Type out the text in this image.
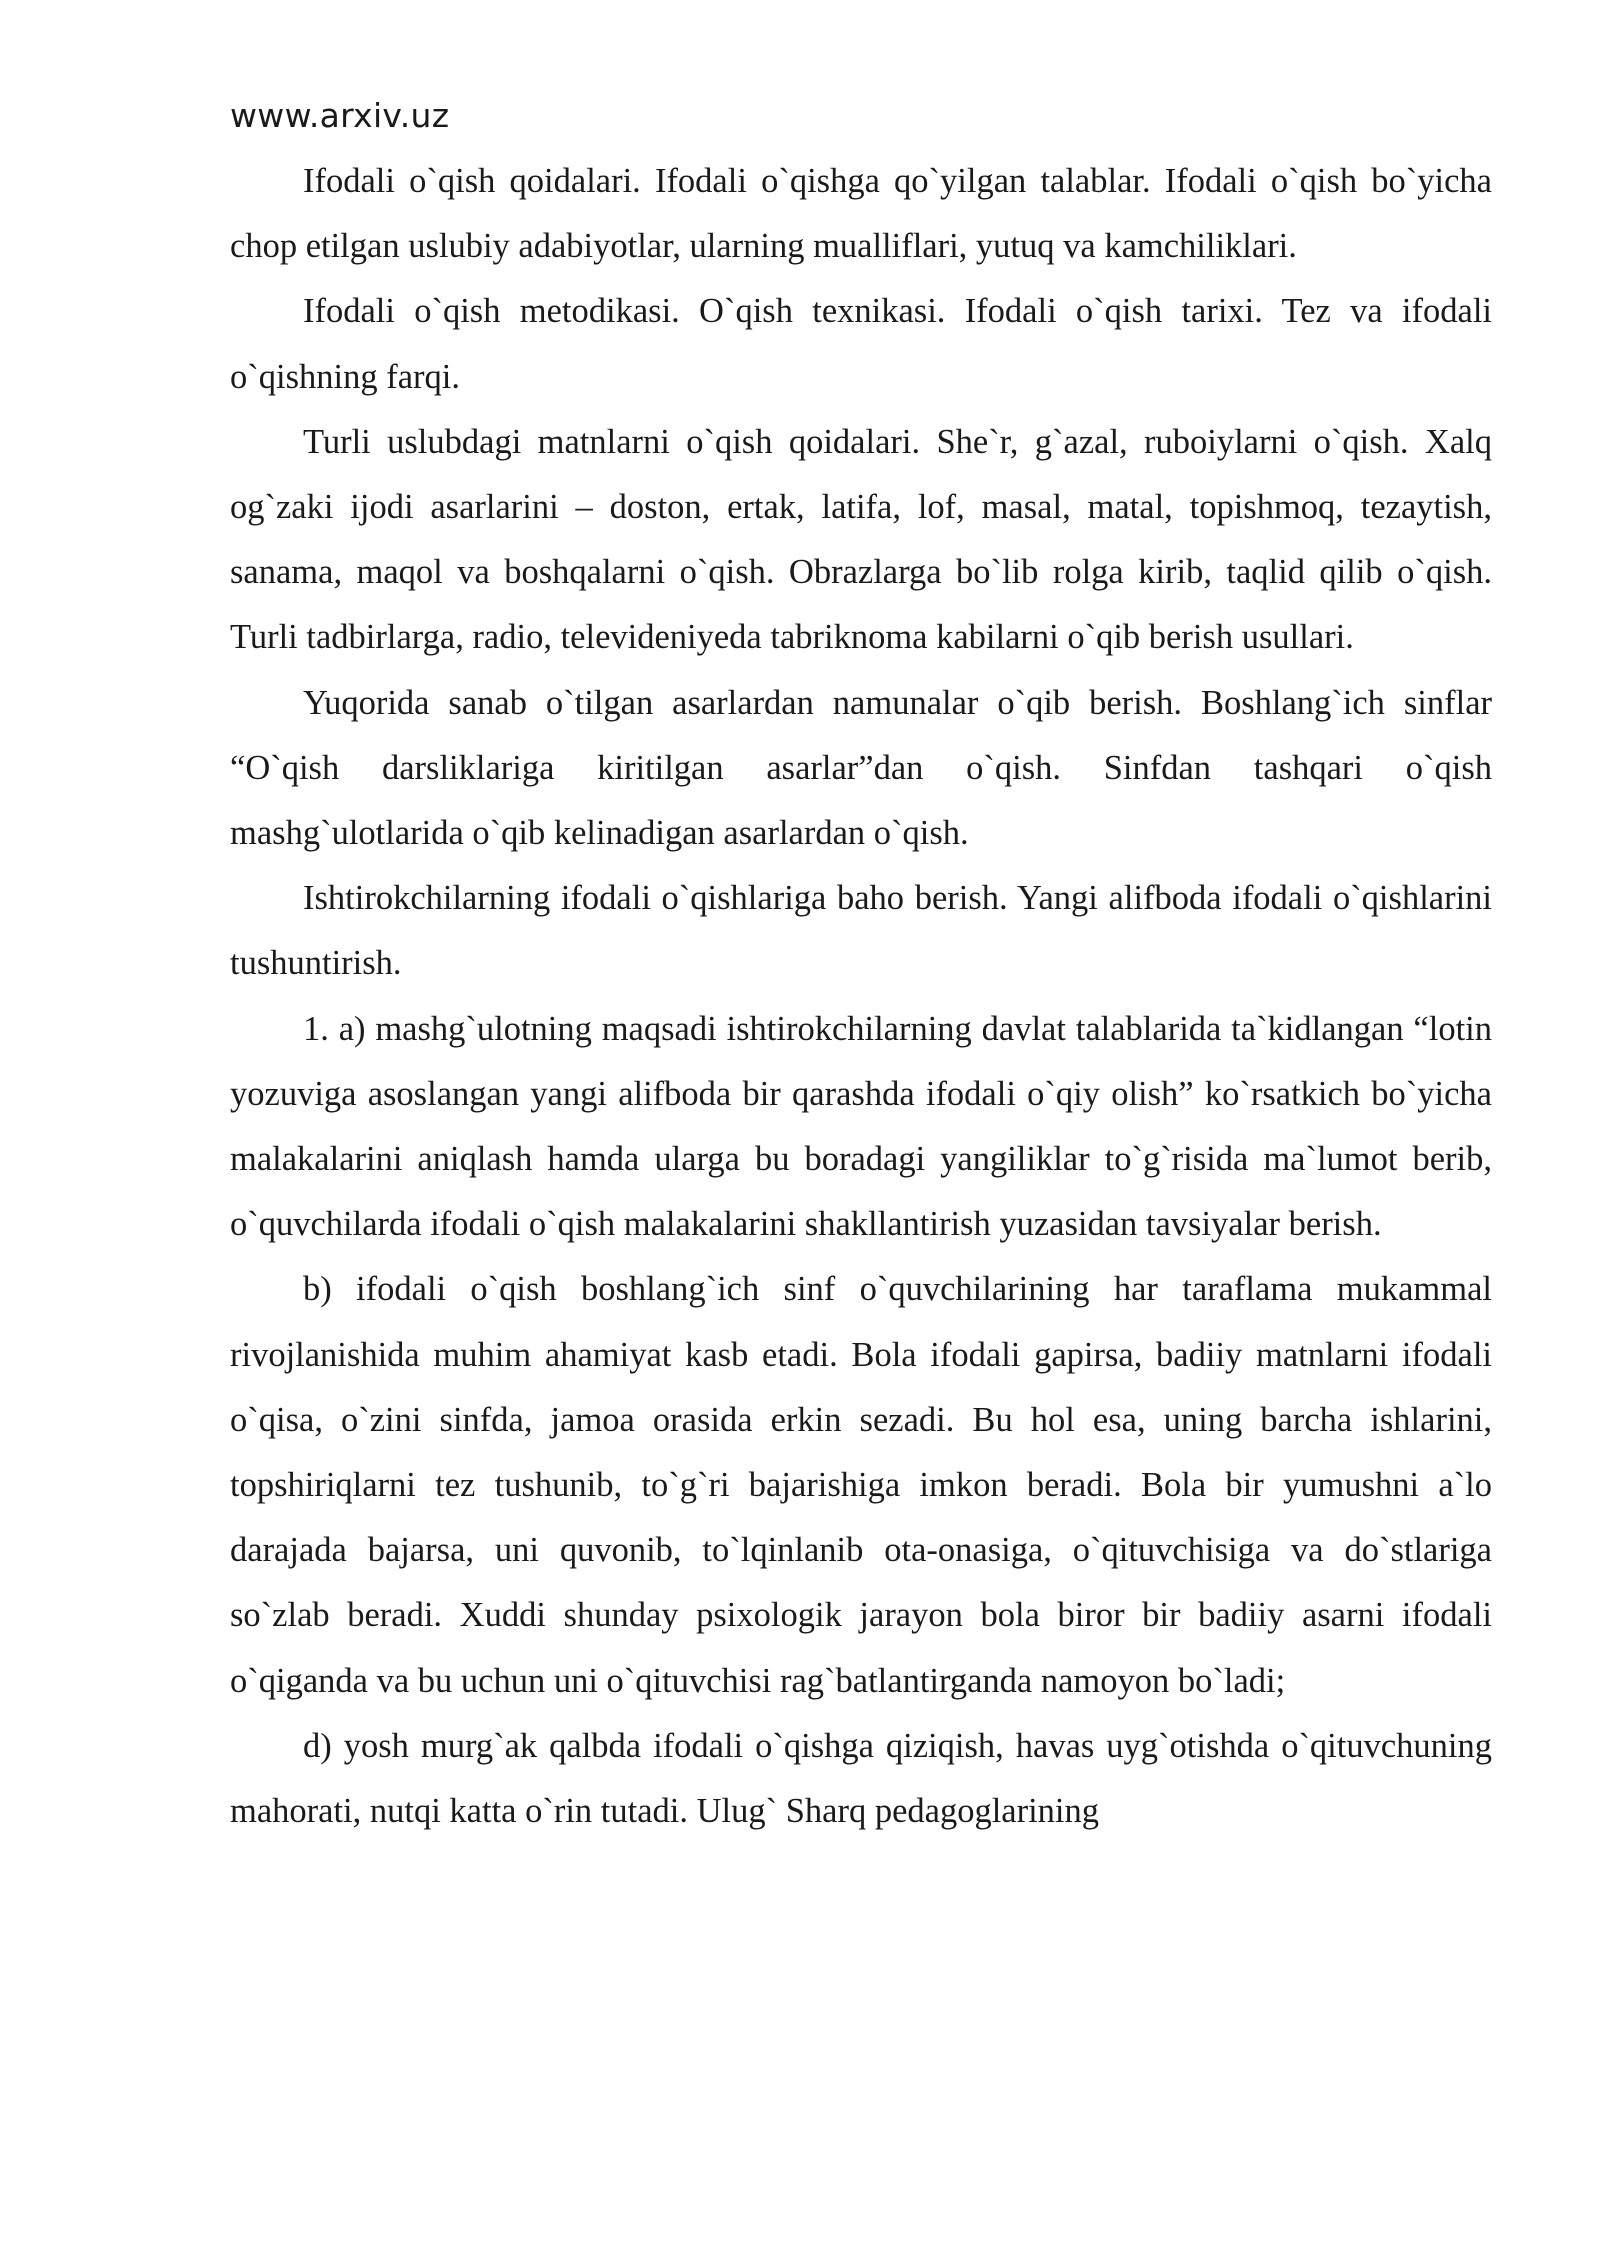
www.arxiv.uz

Ifodali o`qish qoidalari. Ifodali o`qishga qo`yilgan talablar. Ifodali o`qish bo`yicha chop etilgan uslubiy adabiyotlar, ularning mualliflari, yutuq va kamchiliklari.

Ifodali o`qish metodikasi. O`qish texnikasi. Ifodali o`qish tarixi. Tez va ifodali o`qishning farqi.

Turli uslubdagi matnlarni o`qish qoidalari. She`r, g`azal, ruboiylarni o`qish. Xalq og`zaki ijodi asarlarini – doston, ertak, latifa, lof, masal, matal, topishmoq, tezaytish, sanama, maqol va boshqalarni o`qish. Obrazlarga bo`lib rolga kirib, taqlid qilib o`qish. Turli tadbirlarga, radio, televideniyeda tabriknoma kabilarni o`qib berish usullari.

Yuqorida sanab o`tilgan asarlardan namunalar o`qib berish. Boshlang`ich sinflar “O`qish darsliklariga kiritilgan asarlar”dan o`qish. Sinfdan tashqari o`qish mashg`ulotlarida o`qib kelinadigan asarlardan o`qish.

Ishtirokchilarning ifodali o`qishlariga baho berish. Yangi alifboda ifodali o`qishlarini tushuntirish.

1. a) mashg`ulotning maqsadi ishtirokchilarning davlat talablarida ta`kidlangan “lotin yozuviga asoslangan yangi alifboda bir qarashda ifodali o`qiy olish” ko`rsatkich bo`yicha malakalarini aniqlash hamda ularga bu boradagi yangiliklar to`g`risida ma`lumot berib, o`quvchilarda ifodali o`qish malakalarini shakllantirish yuzasidan tavsiyalar berish.

b) ifodali o`qish boshlang`ich sinf o`quvchilarining har taraflama mukammal rivojlanishida muhim ahamiyat kasb etadi. Bola ifodali gapirsa, badiiy matnlarni ifodali o`qisa, o`zini sinfda, jamoa orasida erkin sezadi. Bu hol esa, uning barcha ishlarini, topshiriqlarni tez tushunib, to`g`ri bajarishiga imkon beradi. Bola bir yumushni a`lo darajada bajarsa, uni quvonib, to`lqinlanib ota-onasiga, o`qituvchisiga va do`stlariga so`zlab beradi. Xuddi shunday psixologik jarayon bola biror bir badiiy asarni ifodali o`qiganda va bu uchun uni o`qituvchisi rag`batlantirganda namoyon bo`ladi;

d) yosh murg`ak qalbda ifodali o`qishga qiziqish, havas uyg`otishda o`qituvchuning mahorati, nutqi katta o`rin tutadi. Ulug` Sharq pedagoglarining
